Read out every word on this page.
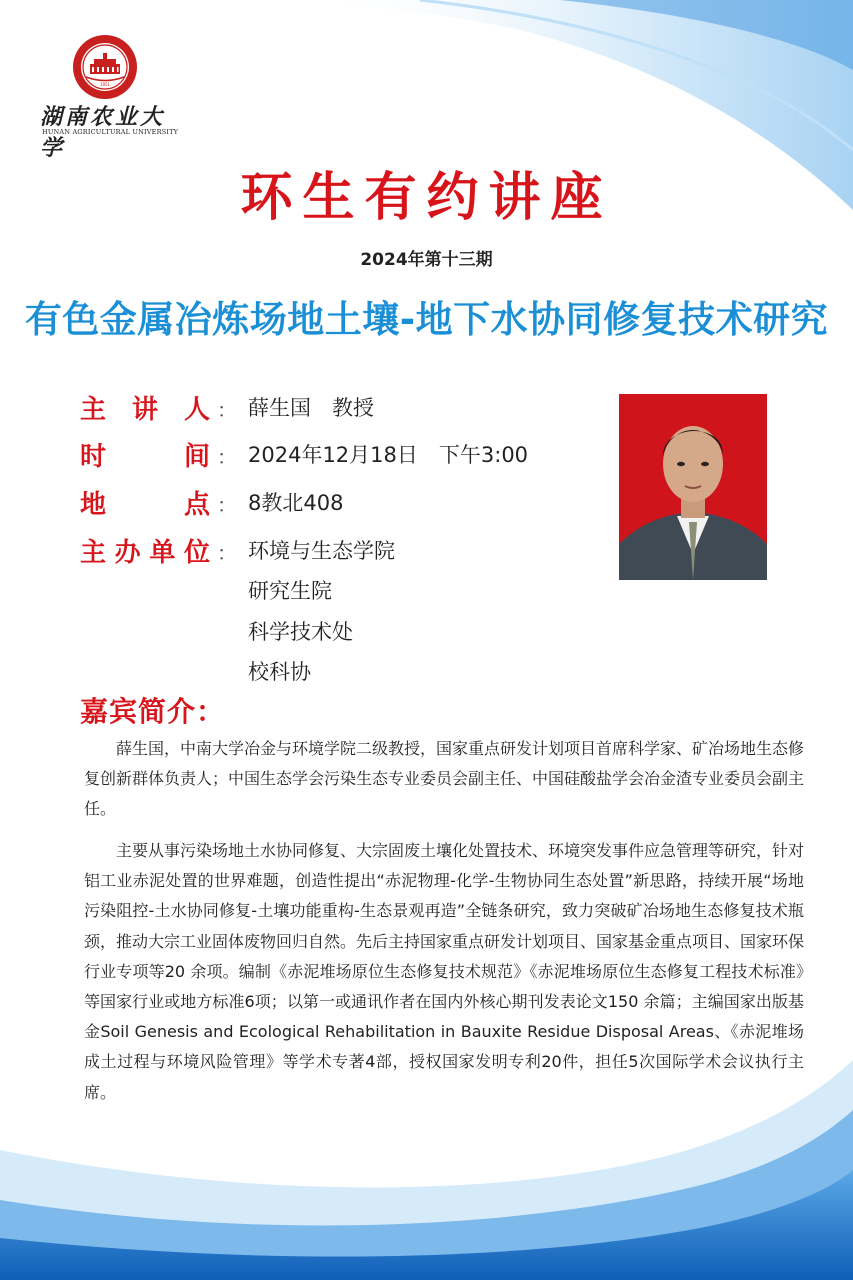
1951
湖南农业大学
HUNAN AGRICULTURAL UNIVERSITY
环生有约讲座
2024年第十三期
有色金属冶炼场地土壤-地下水协同修复技术研究
主讲人 ： 薛生国　教授
时间 ： 2024年12月18日　下午3:00
地点 ： 8教北408
主办单位 ： 环境与生态学院
研究生院
科学技术处
校科协
嘉宾简介：

薛生国，中南大学冶金与环境学院二级教授，国家重点研发计划项目首席科学家、矿冶场地生态修复创新群体负责人；中国生态学会污染生态专业委员会副主任、中国硅酸盐学会冶金渣专业委员会副主任。

主要从事污染场地土水协同修复、大宗固废土壤化处置技术、环境突发事件应急管理等研究，针对铝工业赤泥处置的世界难题，创造性提出“赤泥物理-化学-生物协同生态处置”新思路，持续开展“场地污染阻控-土水协同修复-土壤功能重构-生态景观再造”全链条研究，致力突破矿冶场地生态修复技术瓶颈，推动大宗工业固体废物回归自然。先后主持国家重点研发计划项目、国家基金重点项目、国家环保行业专项等20 余项。编制《赤泥堆场原位生态修复技术规范》《赤泥堆场原位生态修复工程技术标准》等国家行业或地方标准6项；以第一或通讯作者在国内外核心期刊发表论文150 余篇；主编国家出版基金Soil Genesis and Ecological Rehabilitation in Bauxite Residue Disposal Areas、《赤泥堆场成土过程与环境风险管理》等学术专著4部，授权国家发明专利20件，担任5次国际学术会议执行主席。
